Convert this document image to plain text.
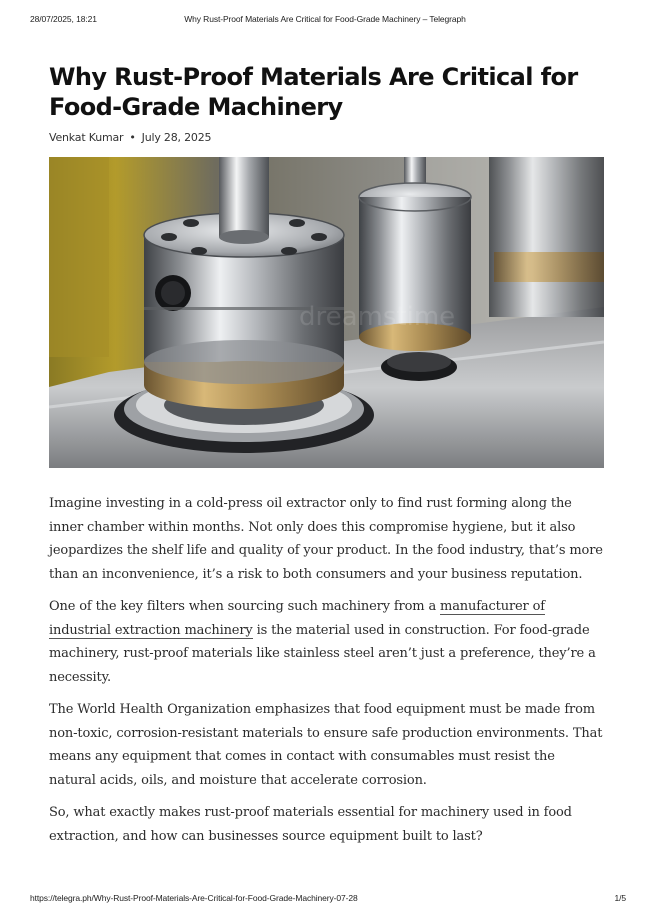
28/07/2025, 18:21	Why Rust-Proof Materials Are Critical for Food-Grade Machinery – Telegraph
Why Rust-Proof Materials Are Critical for Food-Grade Machinery
Venkat Kumar • July 28, 2025
dreamstime

Imagine investing in a cold-press oil extractor only to find rust forming along the inner chamber within months. Not only does this compromise hygiene, but it also jeopardizes the shelf life and quality of your product. In the food industry, that’s more than an inconvenience, it’s a risk to both consumers and your business reputation.

One of the key filters when sourcing such machinery from a manufacturer of industrial extraction machinery is the material used in construction. For food-grade machinery, rust-proof materials like stainless steel aren’t just a preference, they’re a necessity.

The World Health Organization emphasizes that food equipment must be made from non-toxic, corrosion-resistant materials to ensure safe production environments. That means any equipment that comes in contact with consumables must resist the natural acids, oils, and moisture that accelerate corrosion.

So, what exactly makes rust-proof materials essential for machinery used in food extraction, and how can businesses source equipment built to last?

https://telegra.ph/Why-Rust-Proof-Materials-Are-Critical-for-Food-Grade-Machinery-07-28	1/5
